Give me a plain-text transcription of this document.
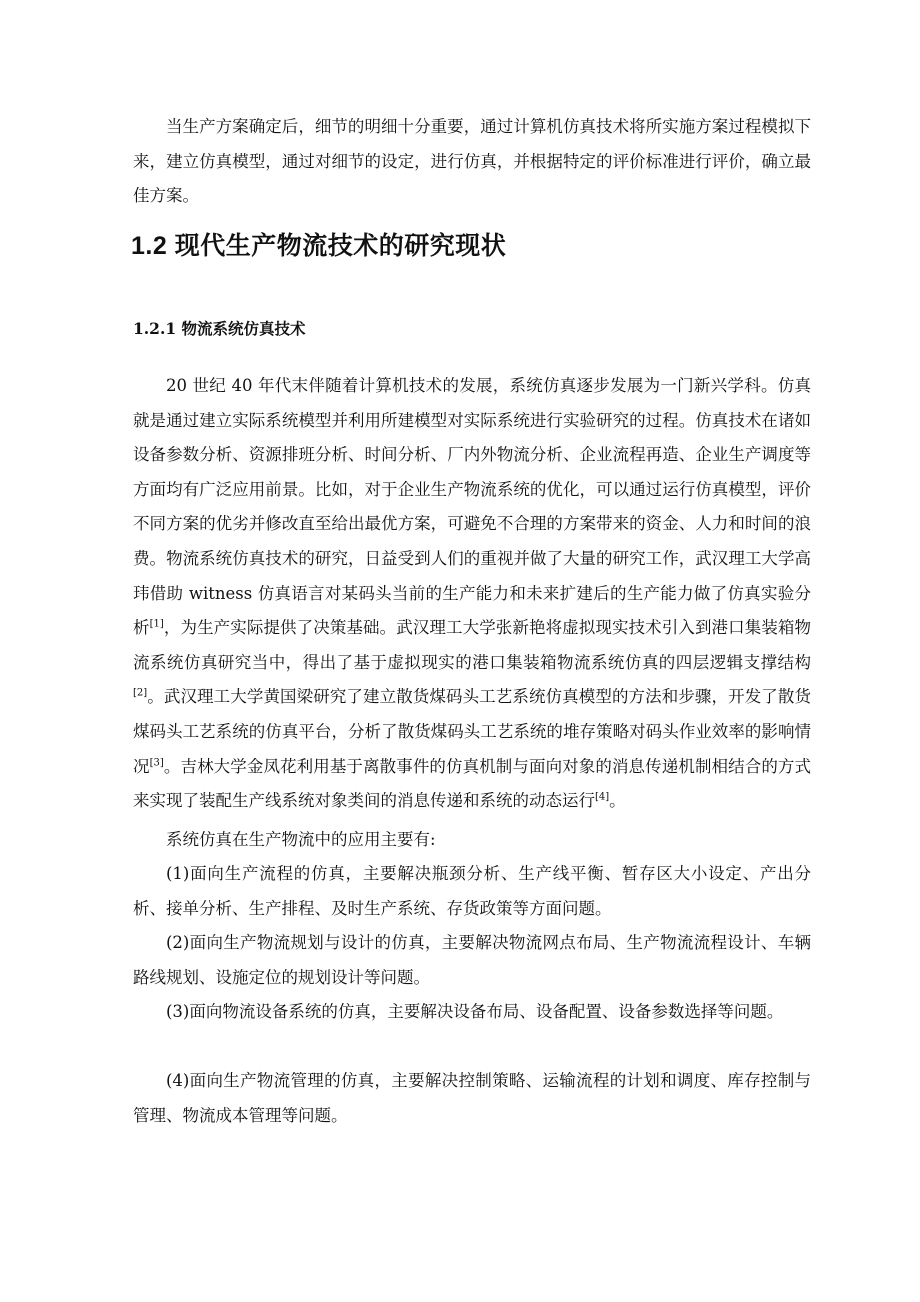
当生产方案确定后，细节的明细十分重要，通过计算机仿真技术将所实施方案过程模拟下来，建立仿真模型，通过对细节的设定，进行仿真，并根据特定的评价标准进行评价，确立最佳方案。

1.2 现代生产物流技术的研究现状
1.2.1 物流系统仿真技术

20 世纪 40 年代末伴随着计算机技术的发展，系统仿真逐步发展为一门新兴学科。仿真就是通过建立实际系统模型并利用所建模型对实际系统进行实验研究的过程。仿真技术在诸如设备参数分析、资源排班分析、时间分析、厂内外物流分析、企业流程再造、企业生产调度等方面均有广泛应用前景。比如，对于企业生产物流系统的优化，可以通过运行仿真模型，评价不同方案的优劣并修改直至给出最优方案，可避免不合理的方案带来的资金、人力和时间的浪费。物流系统仿真技术的研究，日益受到人们的重视并做了大量的研究工作，武汉理工大学高玮借助 witness 仿真语言对某码头当前的生产能力和未来扩建后的生产能力做了仿真实验分析[1]，为生产实际提供了决策基础。武汉理工大学张新艳将虚拟现实技术引入到港口集装箱物流系统仿真研究当中，得出了基于虚拟现实的港口集装箱物流系统仿真的四层逻辑支撑结构[2]。武汉理工大学黄国梁研究了建立散货煤码头工艺系统仿真模型的方法和步骤，开发了散货煤码头工艺系统的仿真平台，分析了散货煤码头工艺系统的堆存策略对码头作业效率的影响情况[3]。吉林大学金凤花利用基于离散事件的仿真机制与面向对象的消息传递机制相结合的方式来实现了装配生产线系统对象类间的消息传递和系统的动态运行[4]。

系统仿真在生产物流中的应用主要有:

(1)面向生产流程的仿真，主要解决瓶颈分析、生产线平衡、暂存区大小设定、产出分析、接单分析、生产排程、及时生产系统、存货政策等方面问题。

(2)面向生产物流规划与设计的仿真，主要解决物流网点布局、生产物流流程设计、车辆路线规划、设施定位的规划设计等问题。

(3)面向物流设备系统的仿真，主要解决设备布局、设备配置、设备参数选择等问题。

(4)面向生产物流管理的仿真，主要解决控制策略、运输流程的计划和调度、库存控制与管理、物流成本管理等问题。
